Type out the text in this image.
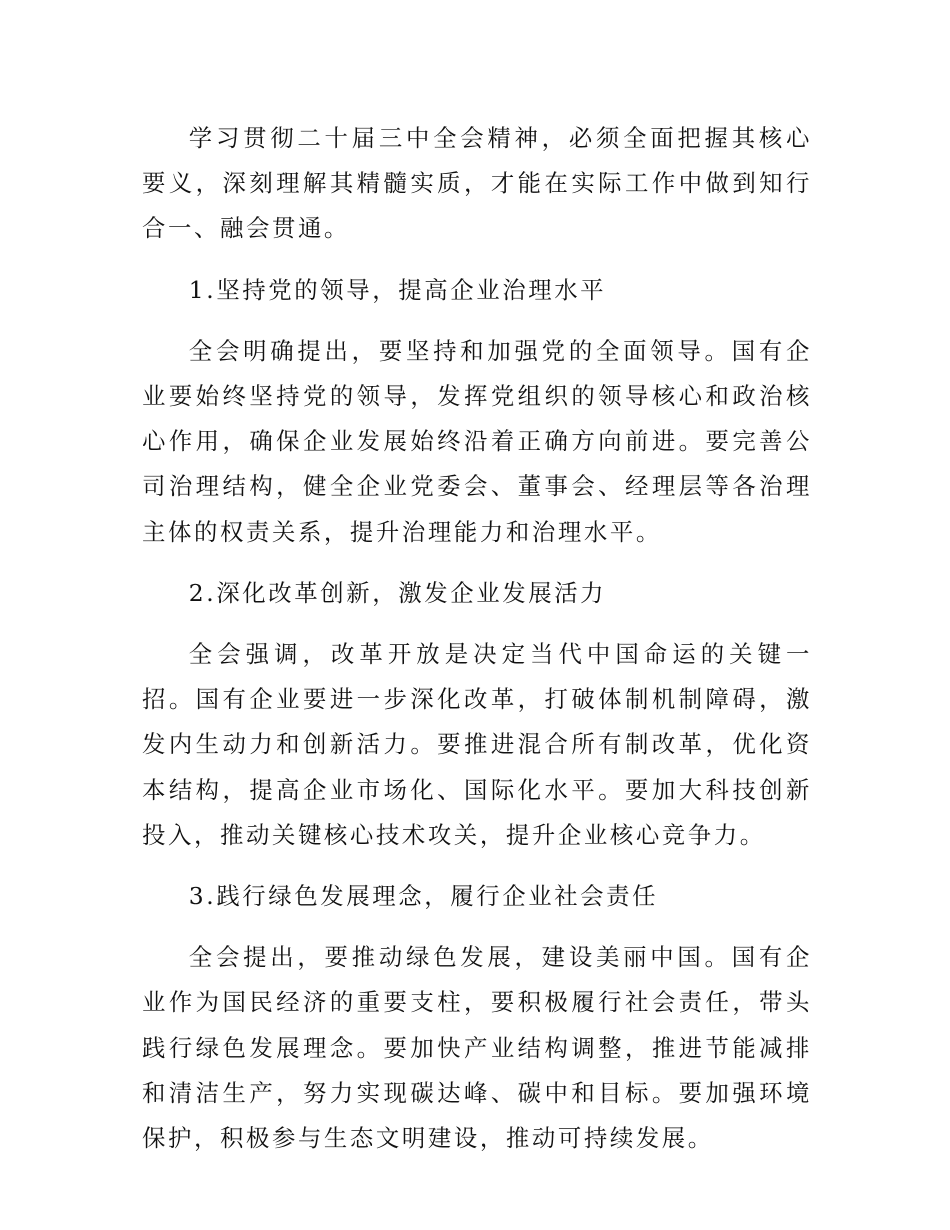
学习贯彻二十届三中全会精神，必须全面把握其核心要义，深刻理解其精髓实质，才能在实际工作中做到知行合一、融会贯通。

1.坚持党的领导，提高企业治理水平

全会明确提出，要坚持和加强党的全面领导。国有企业要始终坚持党的领导，发挥党组织的领导核心和政治核心作用，确保企业发展始终沿着正确方向前进。要完善公司治理结构，健全企业党委会、董事会、经理层等各治理主体的权责关系，提升治理能力和治理水平。

2.深化改革创新，激发企业发展活力

全会强调，改革开放是决定当代中国命运的关键一招。国有企业要进一步深化改革，打破体制机制障碍，激发内生动力和创新活力。要推进混合所有制改革，优化资本结构，提高企业市场化、国际化水平。要加大科技创新投入，推动关键核心技术攻关，提升企业核心竞争力。

3.践行绿色发展理念，履行企业社会责任

全会提出，要推动绿色发展，建设美丽中国。国有企业作为国民经济的重要支柱，要积极履行社会责任，带头践行绿色发展理念。要加快产业结构调整，推进节能减排和清洁生产，努力实现碳达峰、碳中和目标。要加强环境保护，积极参与生态文明建设，推动可持续发展。
